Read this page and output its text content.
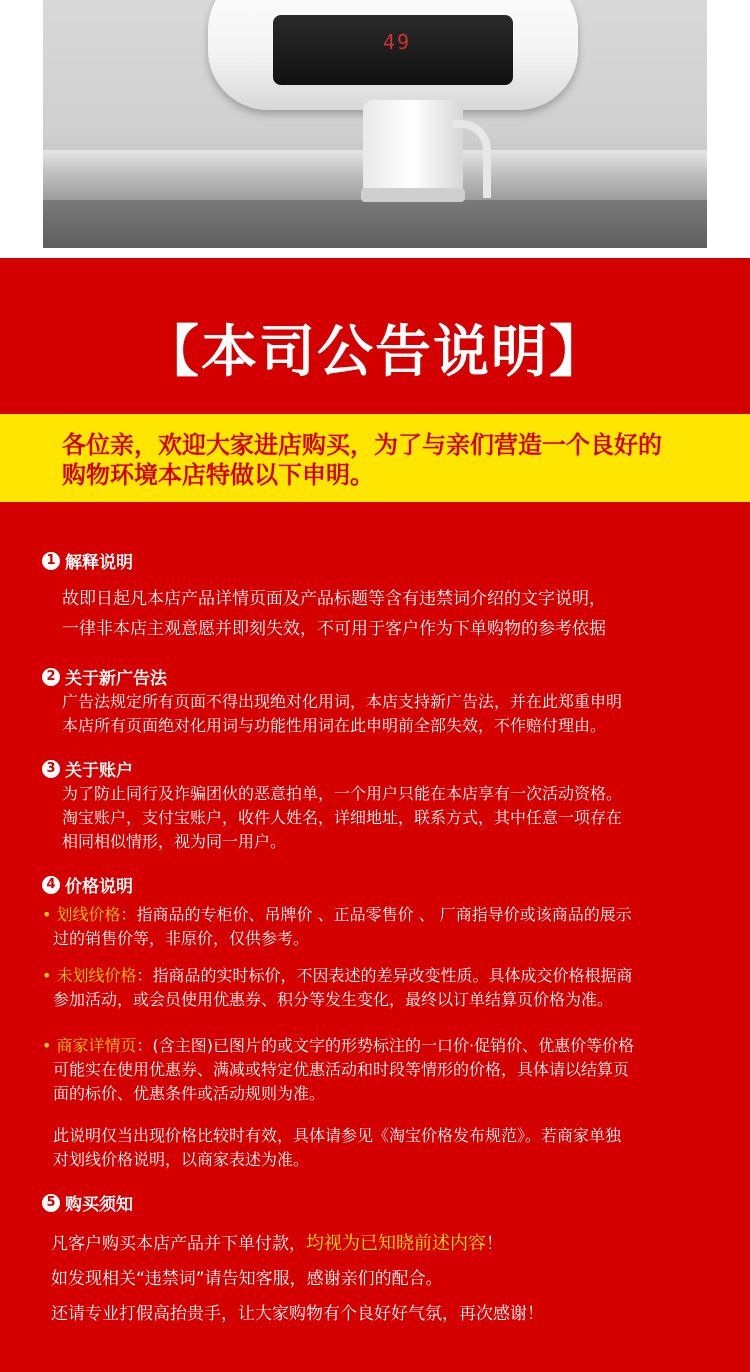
49
【本司公告说明】
各位亲，欢迎大家进店购买，为了与亲们营造一个良好的
购物环境本店特做以下申明。
1 解释说明
故即日起凡本店产品详情页面及产品标题等含有违禁词介绍的文字说明，
一律非本店主观意愿并即刻失效，不可用于客户作为下单购物的参考依据
2 关于新广告法
广告法规定所有页面不得出现绝对化用词，本店支持新广告法，并在此郑重申明
本店所有页面绝对化用词与功能性用词在此申明前全部失效，不作赔付理由。
3 关于账户
为了防止同行及诈骗团伙的恶意拍单，一个用户只能在本店享有一次活动资格。
淘宝账户，支付宝账户，收件人姓名，详细地址，联系方式，其中任意一项存在
相同相似情形，视为同一用户。
4 价格说明
• 划线价格：指商品的专柜价、吊牌价 、正品零售价 、 厂商指导价或该商品的展示
过的销售价等，非原价，仅供参考。
• 未划线价格：指商品的实时标价，不因表述的差异改变性质。具体成交价格根据商
参加活动，或会员使用优惠券、积分等发生变化，最终以订单结算页价格为准。
• 商家详情页：(含主图)已图片的或文字的形势标注的一口价·促销价、优惠价等价格
可能实在使用优惠券、满减或特定优惠活动和时段等情形的价格，具体请以结算页
面的标价、优惠条件或活动规则为准。
此说明仅当出现价格比较时有效，具体请参见《淘宝价格发布规范》。若商家单独
对划线价格说明，以商家表述为准。
5 购买须知
凡客户购买本店产品并下单付款，均视为已知晓前述内容！
如发现相关“违禁词”请告知客服，感谢亲们的配合。
还请专业打假高抬贵手，让大家购物有个良好好气氛，再次感谢！
